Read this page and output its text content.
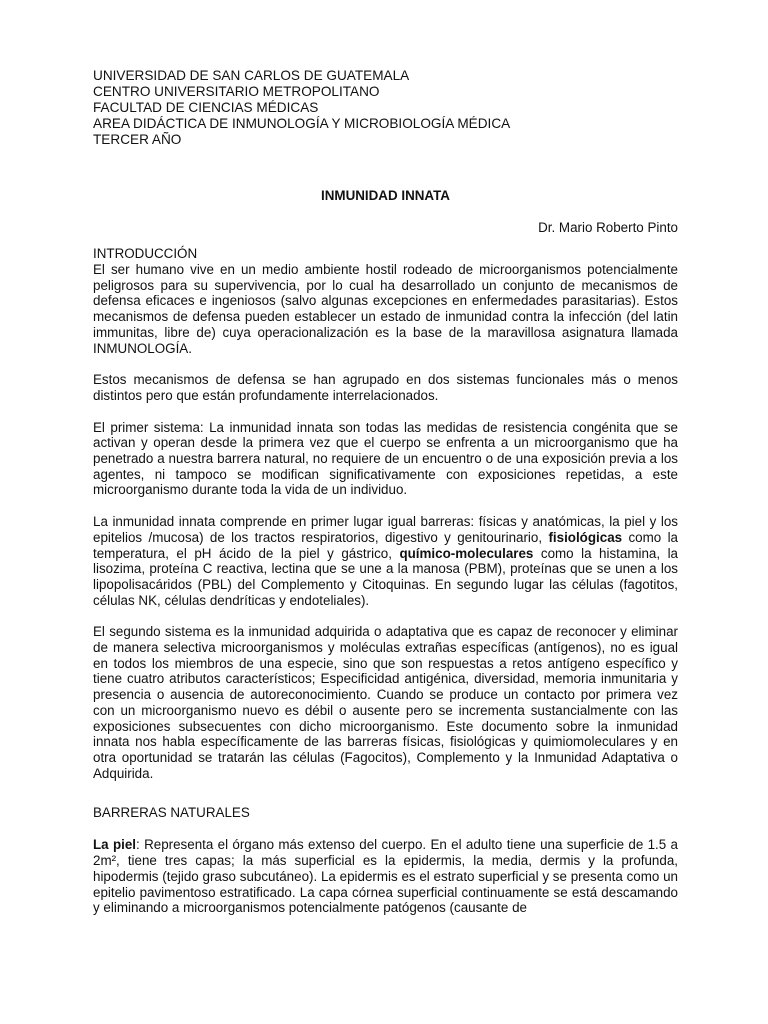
UNIVERSIDAD DE SAN CARLOS DE GUATEMALA
CENTRO UNIVERSITARIO METROPOLITANO
FACULTAD DE CIENCIAS MÉDICAS
AREA DIDÁCTICA DE INMUNOLOGÍA Y MICROBIOLOGÍA MÉDICA
TERCER AÑO
INMUNIDAD INNATA
Dr. Mario Roberto Pinto
INTRODUCCIÓN

El ser humano vive en un medio ambiente hostil rodeado de microorganismos potencialmente peligrosos para su supervivencia, por lo cual ha desarrollado un conjunto de mecanismos de defensa eficaces e ingeniosos (salvo algunas excepciones en enfermedades parasitarias). Estos mecanismos de defensa pueden establecer un estado de inmunidad contra la infección (del latin immunitas, libre de) cuya operacionalización es la base de la maravillosa asignatura llamada INMUNOLOGÍA.

Estos mecanismos de defensa se han agrupado en dos sistemas funcionales más o menos distintos pero que están profundamente interrelacionados.

El primer sistema: La inmunidad innata son todas las medidas de resistencia congénita que se activan y operan desde la primera vez que el cuerpo se enfrenta a un microorganismo que ha penetrado a nuestra barrera natural, no requiere de un encuentro o de una exposición previa a los agentes, ni tampoco se modifican significativamente con exposiciones repetidas, a este microorganismo durante toda la vida de un individuo.

La inmunidad innata comprende en primer lugar igual barreras: físicas y anatómicas, la piel y los epitelios /mucosa) de los tractos respiratorios, digestivo y genitourinario, fisiológicas como la temperatura, el pH ácido de la piel y gástrico, químico-moleculares como la histamina, la lisozima, proteína C reactiva, lectina que se une a la manosa (PBM), proteínas que se unen a los lipopolisacáridos (PBL) del Complemento y Citoquinas. En segundo lugar las células (fagotitos, células NK, células dendríticas y endoteliales).

El segundo sistema es la inmunidad adquirida o adaptativa que es capaz de reconocer y eliminar de manera selectiva microorganismos y moléculas extrañas específicas (antígenos), no es igual en todos los miembros de una especie, sino que son respuestas a retos antígeno específico y tiene cuatro atributos característicos; Especificidad antigénica, diversidad, memoria inmunitaria y presencia o ausencia de autoreconocimiento. Cuando se produce un contacto por primera vez con un microorganismo nuevo es débil o ausente pero se incrementa sustancialmente con las exposiciones subsecuentes con dicho microorganismo. Este documento sobre la inmunidad innata nos habla específicamente de las barreras físicas, fisiológicas y quimiomoleculares y en otra oportunidad se tratarán las células (Fagocitos), Complemento y la Inmunidad Adaptativa o Adquirida.

BARRERAS NATURALES

La piel: Representa el órgano más extenso del cuerpo. En el adulto tiene una superficie de 1.5 a 2m², tiene tres capas; la más superficial es la epidermis, la media, dermis y la profunda, hipodermis (tejido graso subcutáneo). La epidermis es el estrato superficial y se presenta como un epitelio pavimentoso estratificado. La capa córnea superficial continuamente se está descamando y eliminando a microorganismos potencialmente patógenos (causante de
